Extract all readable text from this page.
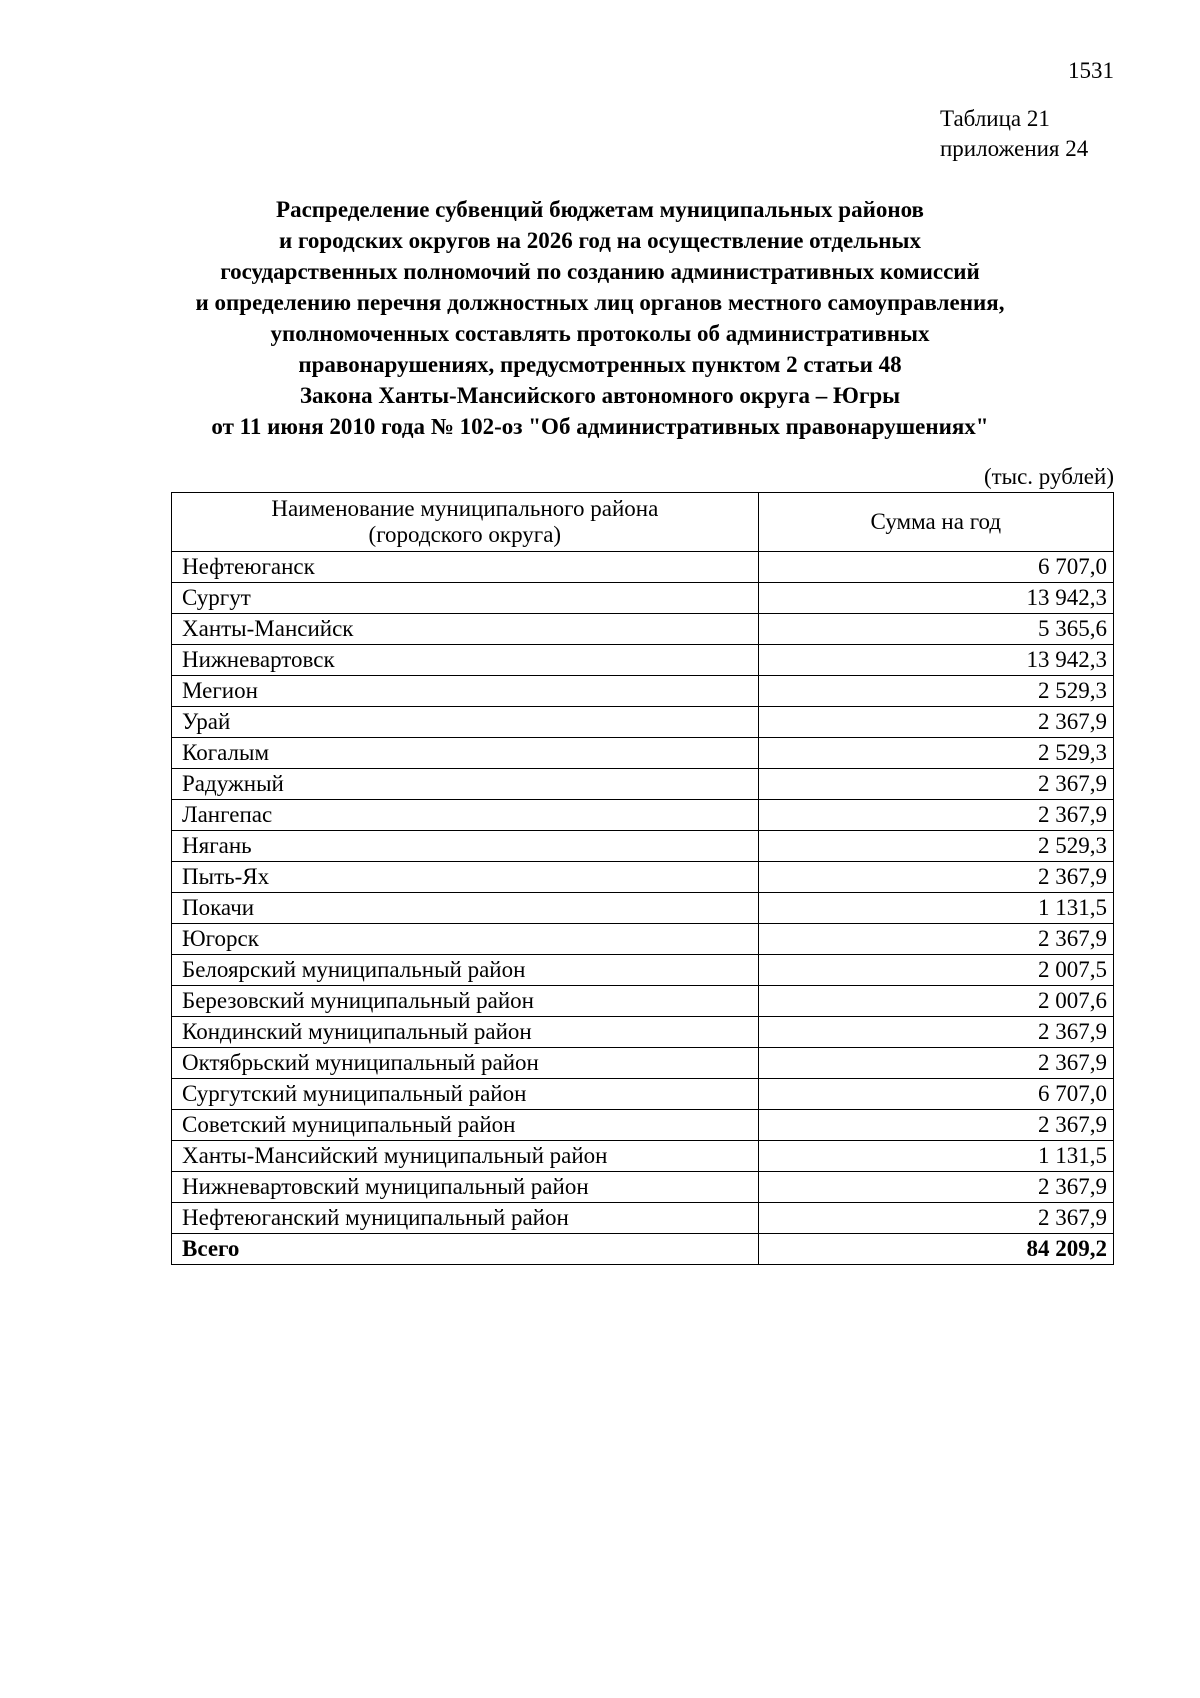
1531
Таблица 21
приложения 24
Распределение субвенций бюджетам муниципальных районов
и городских округов на 2026 год на осуществление отдельных
государственных полномочий по созданию административных комиссий
и определению перечня должностных лиц органов местного самоуправления,
уполномоченных составлять протоколы об административных
правонарушениях, предусмотренных пунктом 2 статьи 48
Закона Ханты-Мансийского автономного округа – Югры
от 11 июня 2010 года № 102-оз "Об административных правонарушениях"
(тыс. рублей)
Наименование муниципального района
(городского округа)	Сумма на год
Нефтеюганск	6 707,0
Сургут	13 942,3
Ханты-Мансийск	5 365,6
Нижневартовск	13 942,3
Мегион	2 529,3
Урай	2 367,9
Когалым	2 529,3
Радужный	2 367,9
Лангепас	2 367,9
Нягань	2 529,3
Пыть-Ях	2 367,9
Покачи	1 131,5
Югорск	2 367,9
Белоярский муниципальный район	2 007,5
Березовский муниципальный район	2 007,6
Кондинский муниципальный район	2 367,9
Октябрьский муниципальный район	2 367,9
Сургутский муниципальный район	6 707,0
Советский муниципальный район	2 367,9
Ханты-Мансийский муниципальный район	1 131,5
Нижневартовский муниципальный район	2 367,9
Нефтеюганский муниципальный район	2 367,9
Всего	84 209,2
